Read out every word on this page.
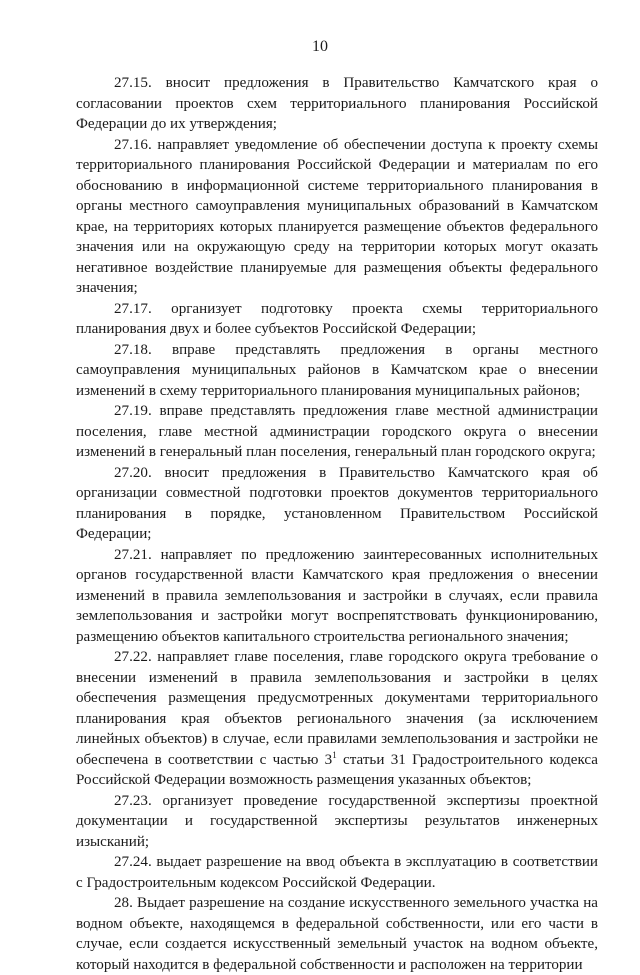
10

27.15. вносит предложения в Правительство Камчатского края о согласовании проектов схем территориального планирования Российской Федерации до их утверждения;

27.16. направляет уведомление об обеспечении доступа к проекту схемы территориального планирования Российской Федерации и материалам по его обоснованию в информационной системе территориального планирования в органы местного самоуправления муниципальных образований в Камчатском крае, на территориях которых планируется размещение объектов федерального значения или на окружающую среду на территории которых могут оказать негативное воздействие планируемые для размещения объекты федерального значения;

27.17. организует подготовку проекта схемы территориального планирования двух и более субъектов Российской Федерации;

27.18. вправе представлять предложения в органы местного самоуправления муниципальных районов в Камчатском крае о внесении изменений в схему территориального планирования муниципальных районов;

27.19. вправе представлять предложения главе местной администрации поселения, главе местной администрации городского округа о внесении изменений в генеральный план поселения, генеральный план городского округа;

27.20. вносит предложения в Правительство Камчатского края об организации совместной подготовки проектов документов территориального планирования в порядке, установленном Правительством Российской Федерации;

27.21. направляет по предложению заинтересованных исполнительных органов государственной власти Камчатского края предложения о внесении изменений в правила землепользования и застройки в случаях, если правила землепользования и застройки могут воспрепятствовать функционированию, размещению объектов капитального строительства регионального значения;

27.22. направляет главе поселения, главе городского округа требование о внесении изменений в правила землепользования и застройки в целях обеспечения размещения предусмотренных документами территориального планирования края объектов регионального значения (за исключением линейных объектов) в случае, если правилами землепользования и застройки не обеспечена в соответствии с частью $3^1$ статьи 31 Градостроительного кодекса Российской Федерации возможность размещения указанных объектов;

27.23. организует проведение государственной экспертизы проектной документации и государственной экспертизы результатов инженерных изысканий;

27.24. выдает разрешение на ввод объекта в эксплуатацию в соответствии с Градостроительным кодексом Российской Федерации.

28. Выдает разрешение на создание искусственного земельного участка на водном объекте, находящемся в федеральной собственности, или его части в случае, если создается искусственный земельный участок на водном объекте, который находится в федеральной собственности и расположен на территории
